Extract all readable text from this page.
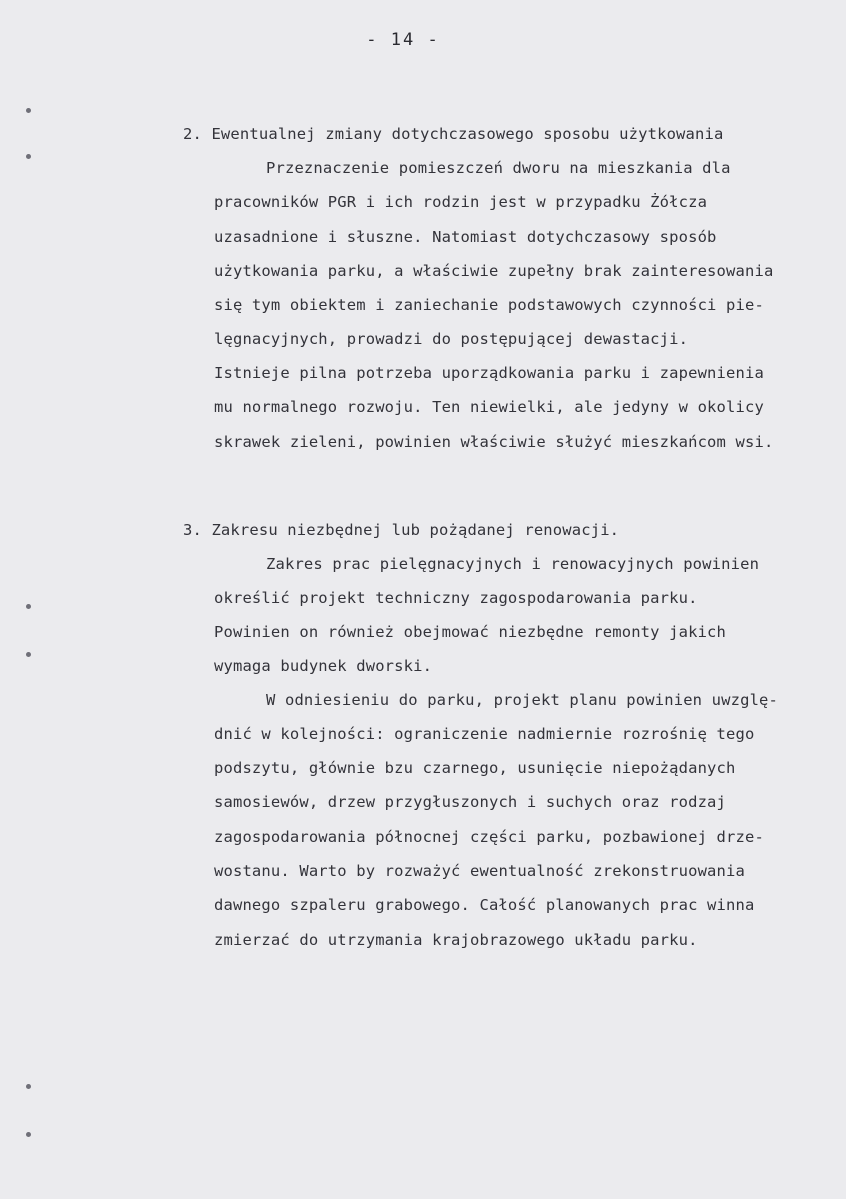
- 14 -
2. Ewentualnej zmiany dotychczasowego sposobu użytkowania
Przeznaczenie pomieszczeń dworu na mieszkania dla
pracowników PGR i ich rodzin jest w przypadku Żółcza
uzasadnione i słuszne. Natomiast dotychczasowy sposób
użytkowania parku, a właściwie zupełny brak zainteresowania
się tym obiektem i zaniechanie podstawowych czynności pie-
lęgnacyjnych, prowadzi do postępującej dewastacji.
Istnieje pilna potrzeba uporządkowania parku i zapewnienia
mu normalnego rozwoju. Ten niewielki, ale jedyny w okolicy
skrawek zieleni, powinien właściwie służyć mieszkańcom wsi.
3. Zakresu niezbędnej lub pożądanej renowacji.
Zakres prac pielęgnacyjnych i renowacyjnych powinien
określić projekt techniczny zagospodarowania parku.
Powinien on również obejmować niezbędne remonty jakich
wymaga budynek dworski.
W odniesieniu do parku, projekt planu powinien uwzglę-
dnić w kolejności: ograniczenie nadmiernie rozrośnię tego
podszytu, głównie bzu czarnego, usunięcie niepożądanych
samosiewów, drzew przygłuszonych i suchych oraz rodzaj
zagospodarowania północnej części parku, pozbawionej drze-
wostanu. Warto by rozważyć ewentualność zrekonstruowania
dawnego szpaleru grabowego. Całość planowanych prac winna
zmierzać do utrzymania krajobrazowego układu parku.
